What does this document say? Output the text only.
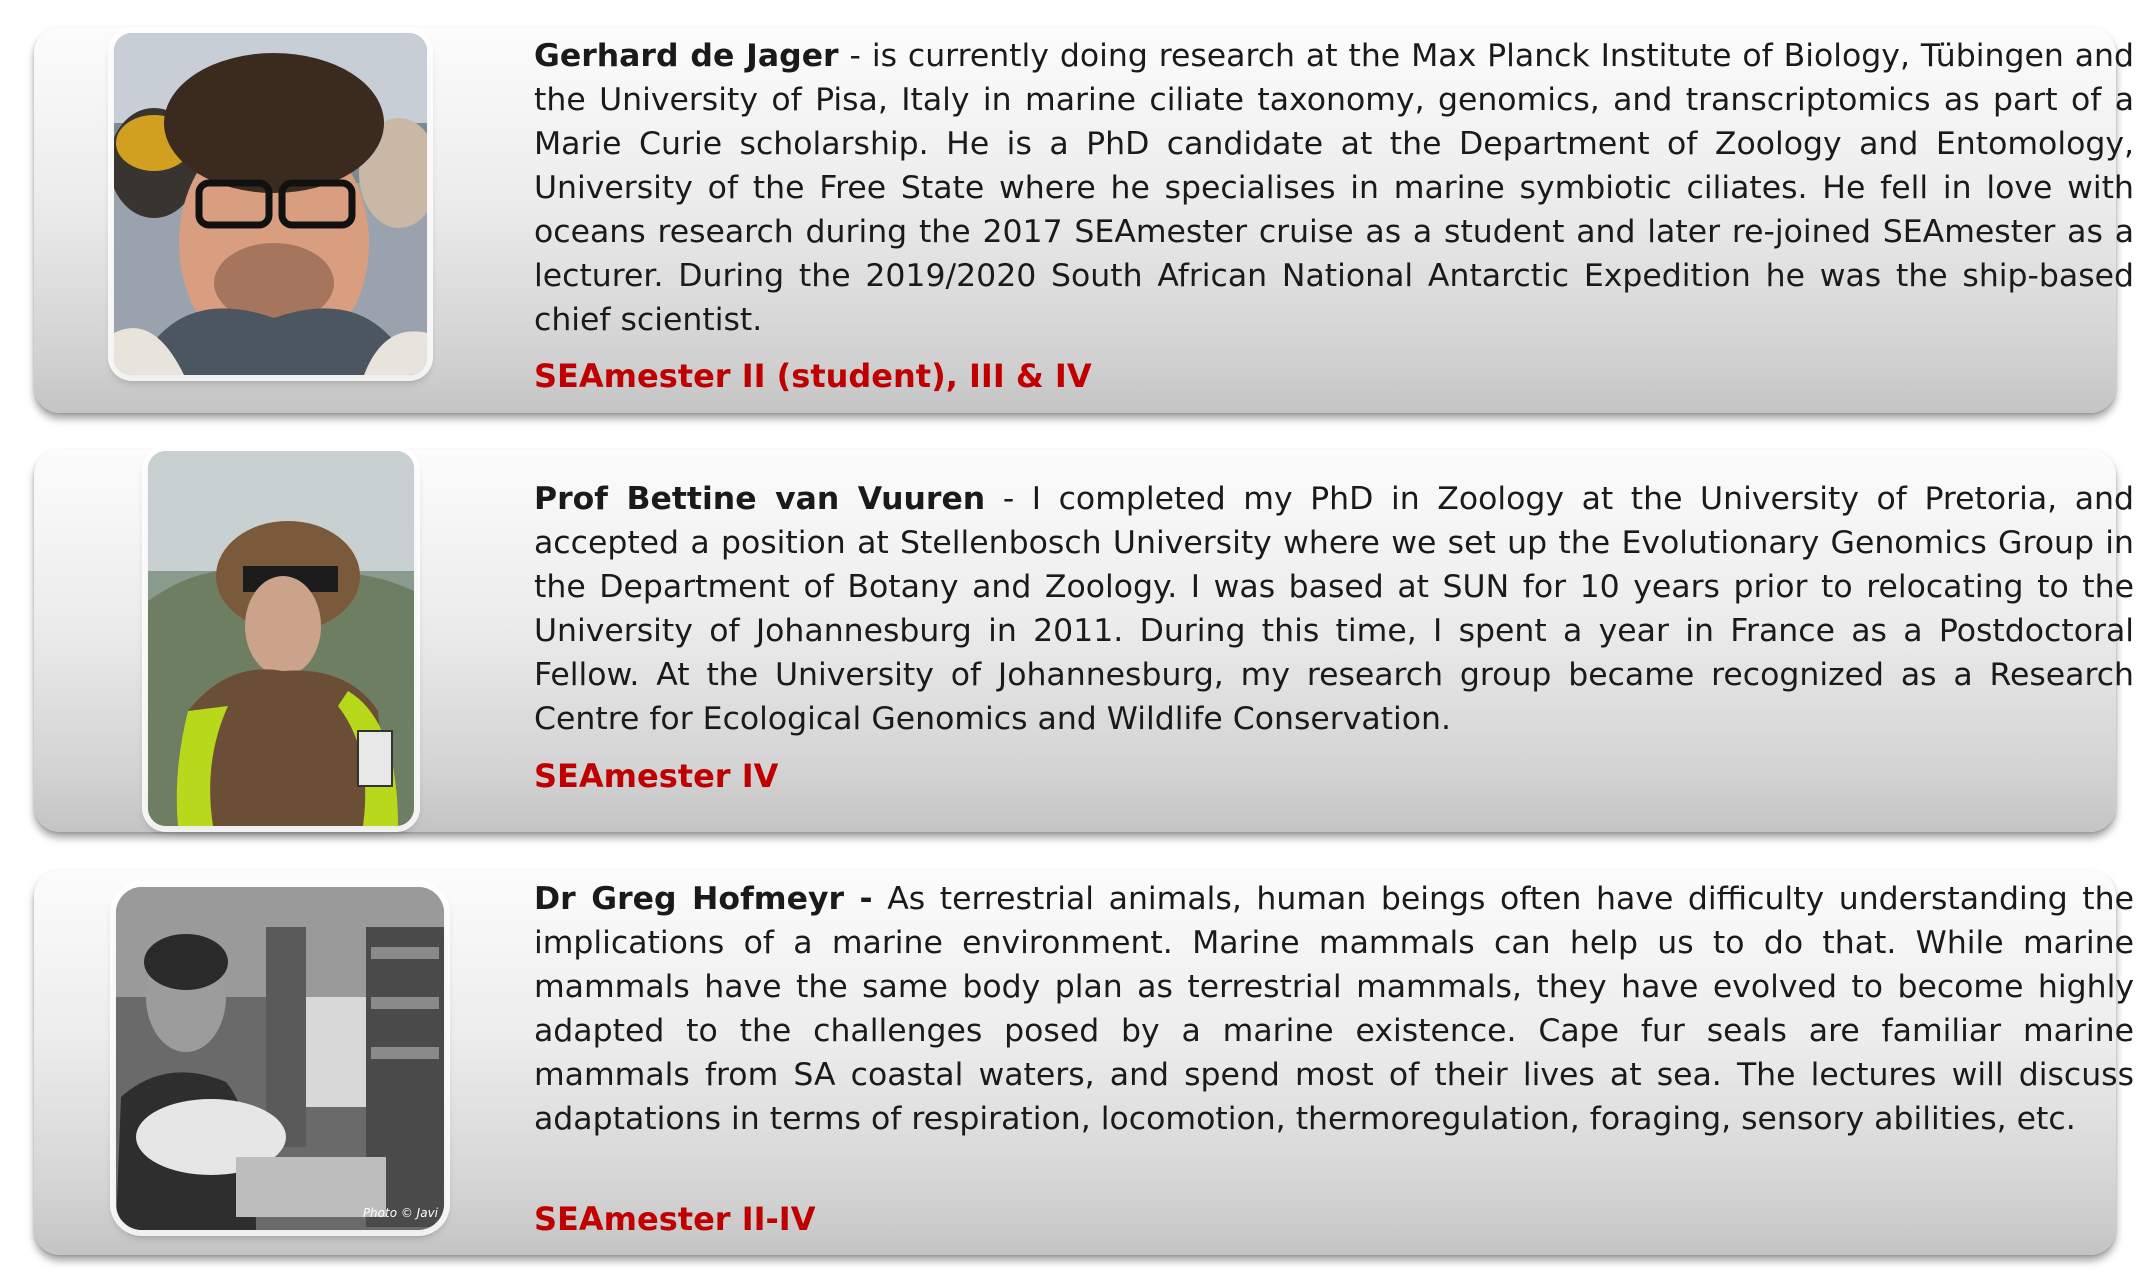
Gerhard de Jager - is currently doing research at the Max Planck Institute of Biology, Tübingen and the University of Pisa, Italy in marine ciliate taxonomy, genomics, and transcriptomics as part of a Marie Curie scholarship. He is a PhD candidate at the Department of Zoology and Entomology, University of the Free State where he specialises in marine symbiotic ciliates. He fell in love with oceans research during the 2017 SEAmester cruise as a student and later re-joined SEAmester as a lecturer. During the 2019/2020 South African National Antarctic Expedition he was the ship-based chief scientist.

SEAmester II (student), III & IV

Prof Bettine van Vuuren - I completed my PhD in Zoology at the University of Pretoria, and accepted a position at Stellenbosch University where we set up the Evolutionary Genomics Group in the Department of Botany and Zoology. I was based at SUN for 10 years prior to relocating to the University of Johannesburg in 2011. During this time, I spent a year in France as a Postdoctoral Fellow. At the University of Johannesburg, my research group became recognized as a Research Centre for Ecological Genomics and Wildlife Conservation.

SEAmester IV

Photo © Javi

Dr Greg Hofmeyr - As terrestrial animals, human beings often have difficulty understanding the implications of a marine environment. Marine mammals can help us to do that. While marine mammals have the same body plan as terrestrial mammals, they have evolved to become highly adapted to the challenges posed by a marine existence. Cape fur seals are familiar marine mammals from SA coastal waters, and spend most of their lives at sea. The lectures will discuss adaptations in terms of respiration, locomotion, thermoregulation, foraging, sensory abilities, etc.

SEAmester II-IV
